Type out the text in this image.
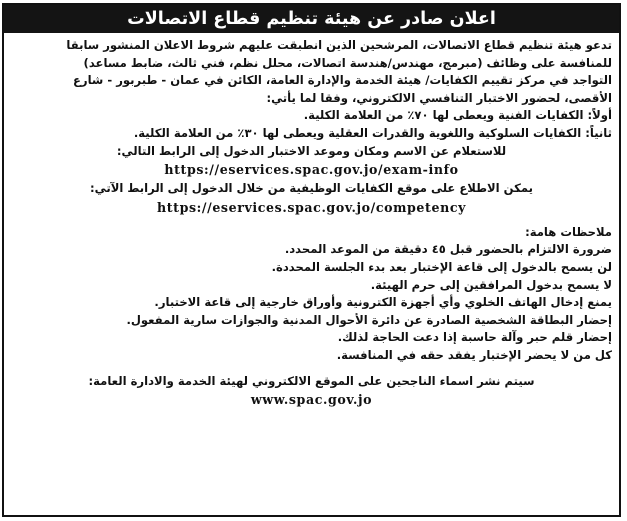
اعلان صادر عن هيئة تنظيم قطاع الاتصالات
تدعو هيئة تنظيم قطاع الاتصالات، المرشحين الذين انطبقت عليهم شروط الاعلان المنشور سابقا
للمنافسة على وظائف (مبرمج، مهندس/هندسة اتصالات، محلل نظم، فني ثالث، ضابط مساعد)
التواجد في مركز تقييم الكفايات/ هيئة الخدمة والإدارة العامة، الكائن في عمان - طبربور - شارع
الأقصى، لحضور الاختبار التنافسي الالكتروني، وفقا لما يأتي:
أولاً: الكفايات الفنية ويعطى لها ٧٠٪ من العلامة الكلية.
ثانياً: الكفايات السلوكية واللغوية والقدرات العقلية ويعطى لها ٣٠٪ من العلامة الكلية.
للاستعلام عن الاسم ومكان وموعد الاختبار الدخول إلى الرابط التالي:
https://eservices.spac.gov.jo/exam-info
يمكن الاطلاع على موقع الكفايات الوظيفية من خلال الدخول إلى الرابط الآتي:
https://eservices.spac.gov.jo/competency
ملاحظات هامة:
ضرورة الالتزام بالحضور قبل ٤٥ دقيقة من الموعد المحدد.
لن يسمح بالدخول إلى قاعة الإختبار بعد بدء الجلسة المحددة.
لا يسمح بدخول المرافقين إلى حرم الهيئة.
يمنع إدخال الهاتف الخلوي وأي أجهزة الكترونية وأوراق خارجية إلى قاعة الاختبار.
إحضار البطاقة الشخصية الصادرة عن دائرة الأحوال المدنية والجوازات سارية المفعول.
إحضار قلم حبر وآلة حاسبة إذا دعت الحاجة لذلك.
كل من لا يحضر الإختبار يفقد حقه في المنافسة.
سيتم نشر اسماء الناجحين على الموقع الالكتروني لهيئة الخدمة والادارة العامة:
www.spac.gov.jo
